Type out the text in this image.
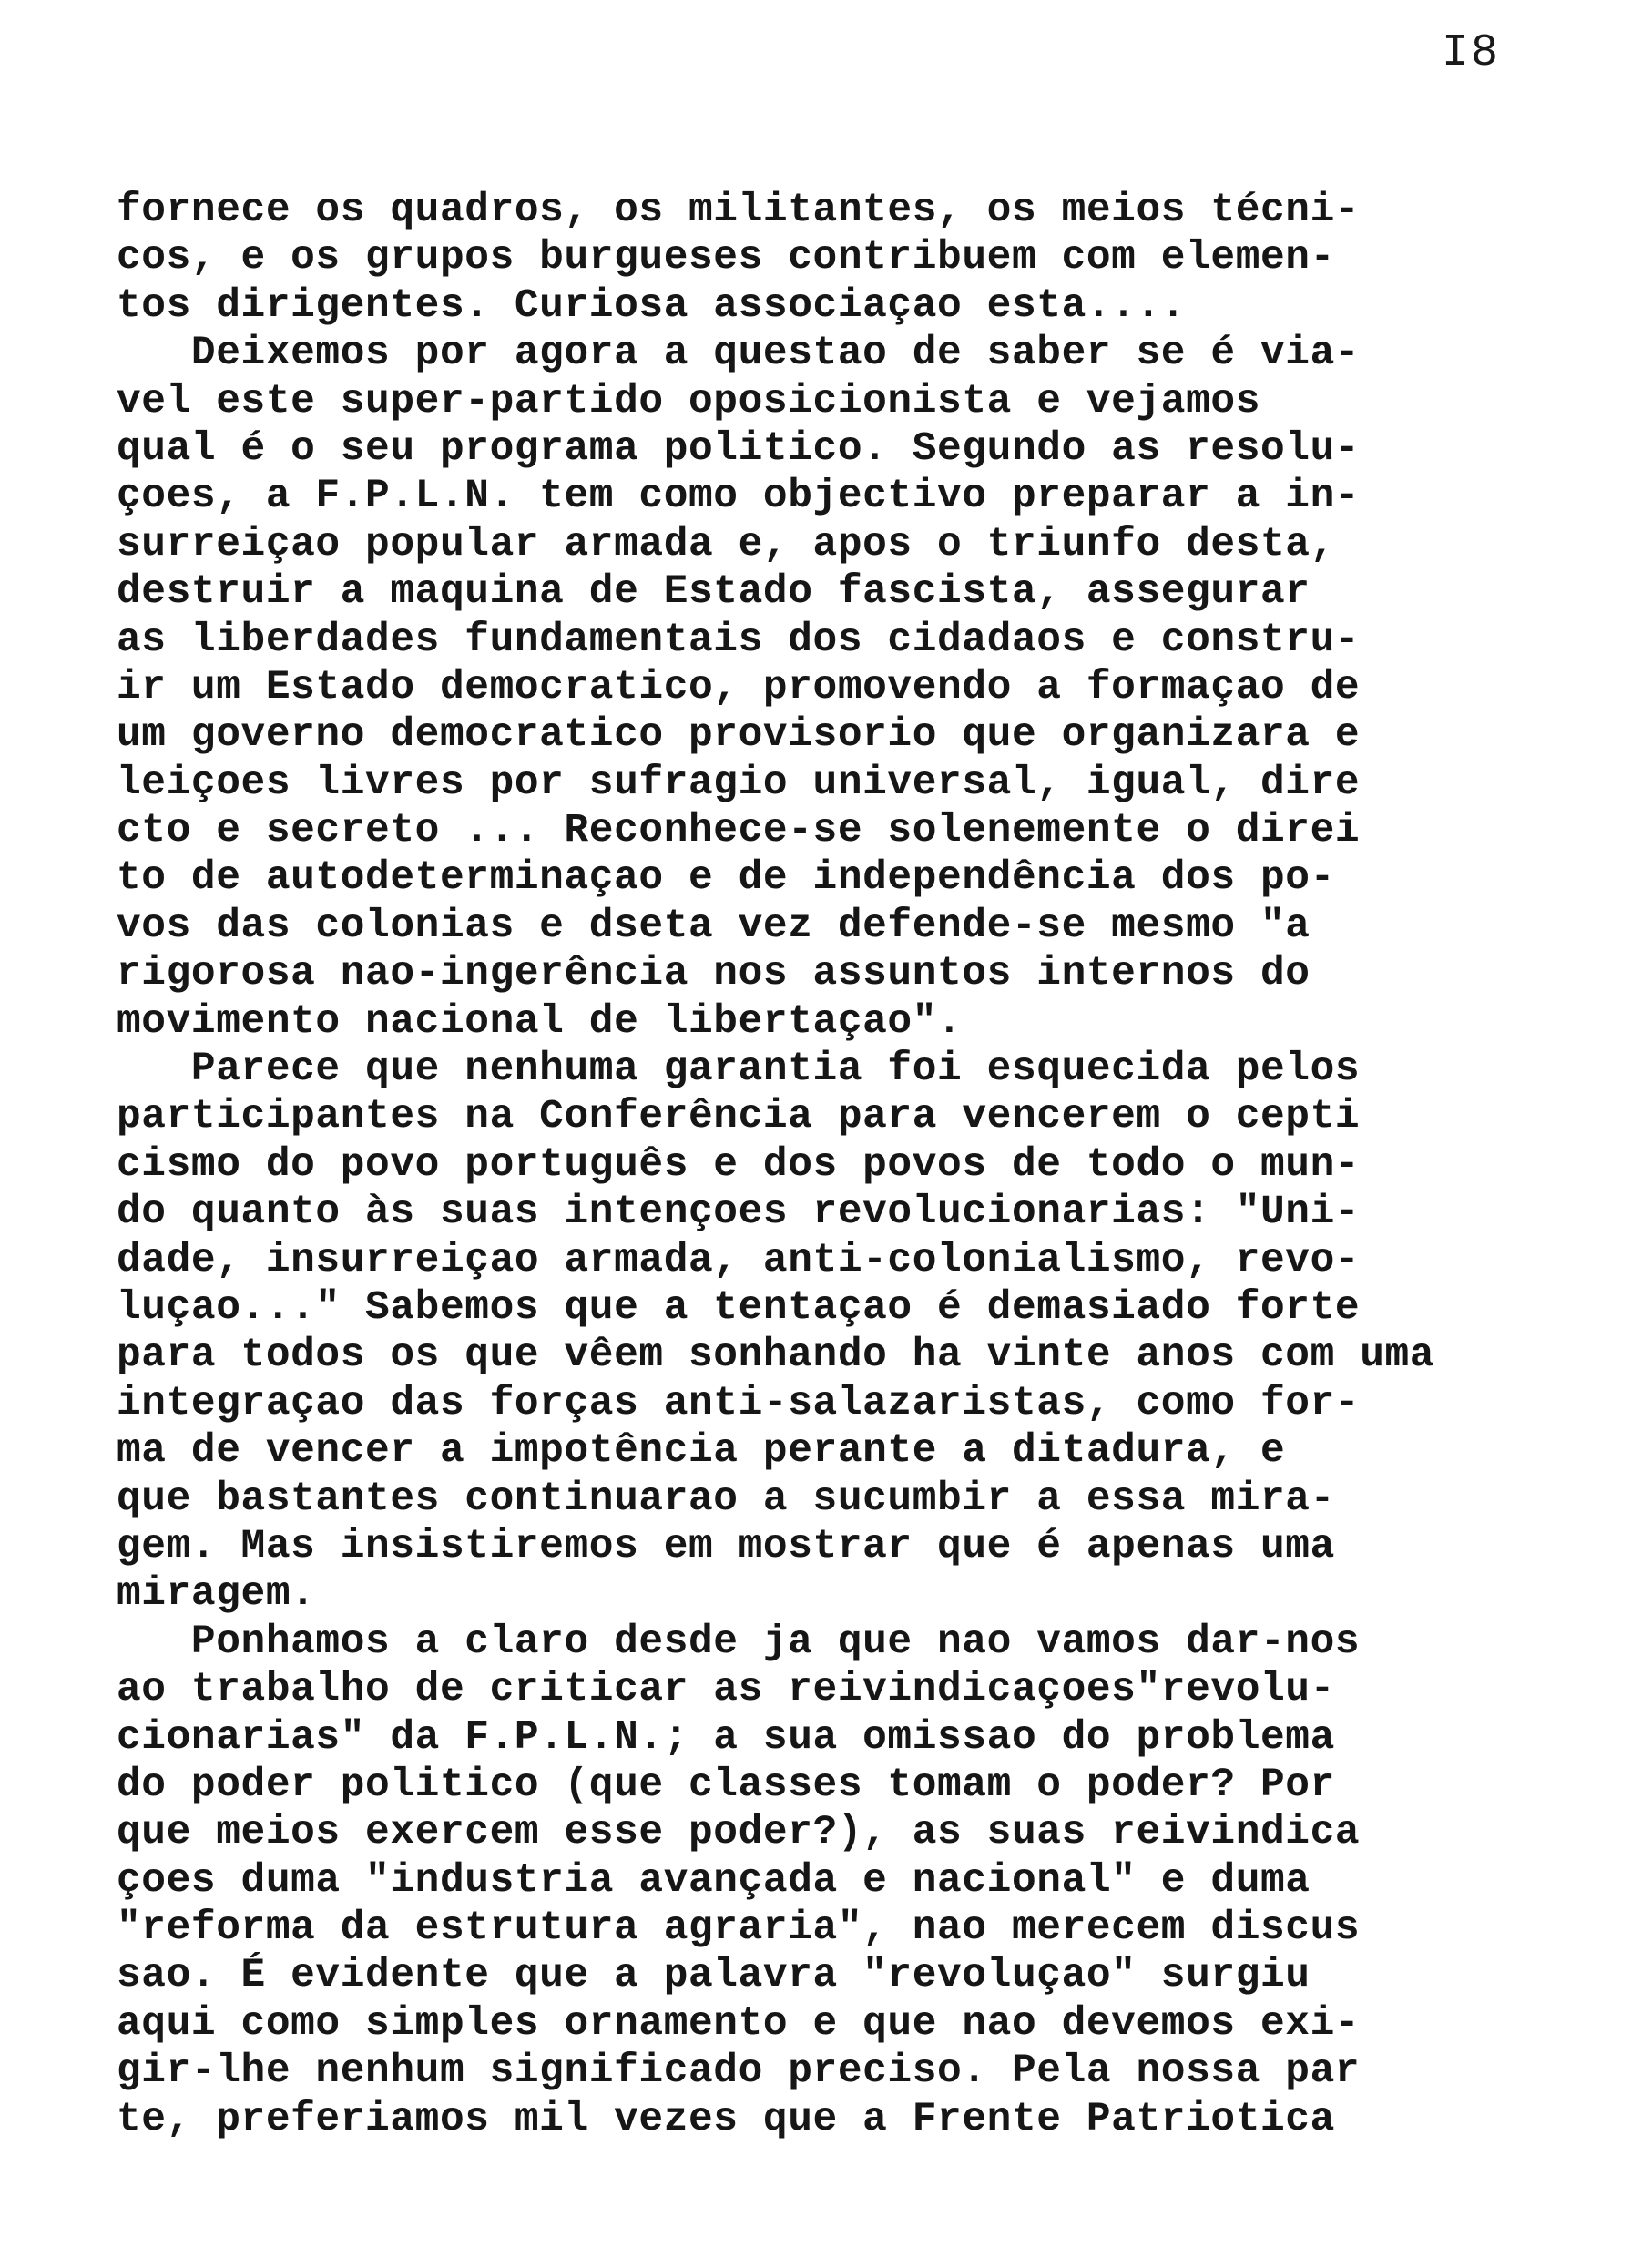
I8
fornece os quadros, os militantes, os meios técni-
cos, e os grupos burgueses contribuem com elemen-
tos dirigentes. Curiosa associaçao esta....
Deixemos por agora a questao de saber se é via-
vel este super-partido oposicionista e vejamos
qual é o seu programa politico. Segundo as resolu-
çoes, a F.P.L.N. tem como objectivo preparar a in-
surreiçao popular armada e, apos o triunfo desta,
destruir a maquina de Estado fascista, assegurar
as liberdades fundamentais dos cidadaos e constru-
ir um Estado democratico, promovendo a formaçao de
um governo democratico provisorio que organizara e
leiçoes livres por sufragio universal, igual, dire
cto e secreto ... Reconhece-se solenemente o direi
to de autodeterminaçao e de independência dos po-
vos das colonias e dseta vez defende-se mesmo "a
rigorosa nao-ingerência nos assuntos internos do
movimento nacional de libertaçao".
Parece que nenhuma garantia foi esquecida pelos
participantes na Conferência para vencerem o cepti
cismo do povo português e dos povos de todo o mun-
do quanto às suas intençoes revolucionarias: "Uni-
dade, insurreiçao armada, anti-colonialismo, revo-
luçao..." Sabemos que a tentaçao é demasiado forte
para todos os que vêem sonhando ha vinte anos com uma
integraçao das forças anti-salazaristas, como for-
ma de vencer a impotência perante a ditadura, e
que bastantes continuarao a sucumbir a essa mira-
gem. Mas insistiremos em mostrar que é apenas uma
miragem.
Ponhamos a claro desde ja que nao vamos dar-nos
ao trabalho de criticar as reivindicaçoes"revolu-
cionarias" da F.P.L.N.; a sua omissao do problema
do poder politico (que classes tomam o poder? Por
que meios exercem esse poder?), as suas reivindica
çoes duma "industria avançada e nacional" e duma
"reforma da estrutura agraria", nao merecem discus
sao. É evidente que a palavra "revoluçao" surgiu
aqui como simples ornamento e que nao devemos exi-
gir-lhe nenhum significado preciso. Pela nossa par
te, preferiamos mil vezes que a Frente Patriotica
